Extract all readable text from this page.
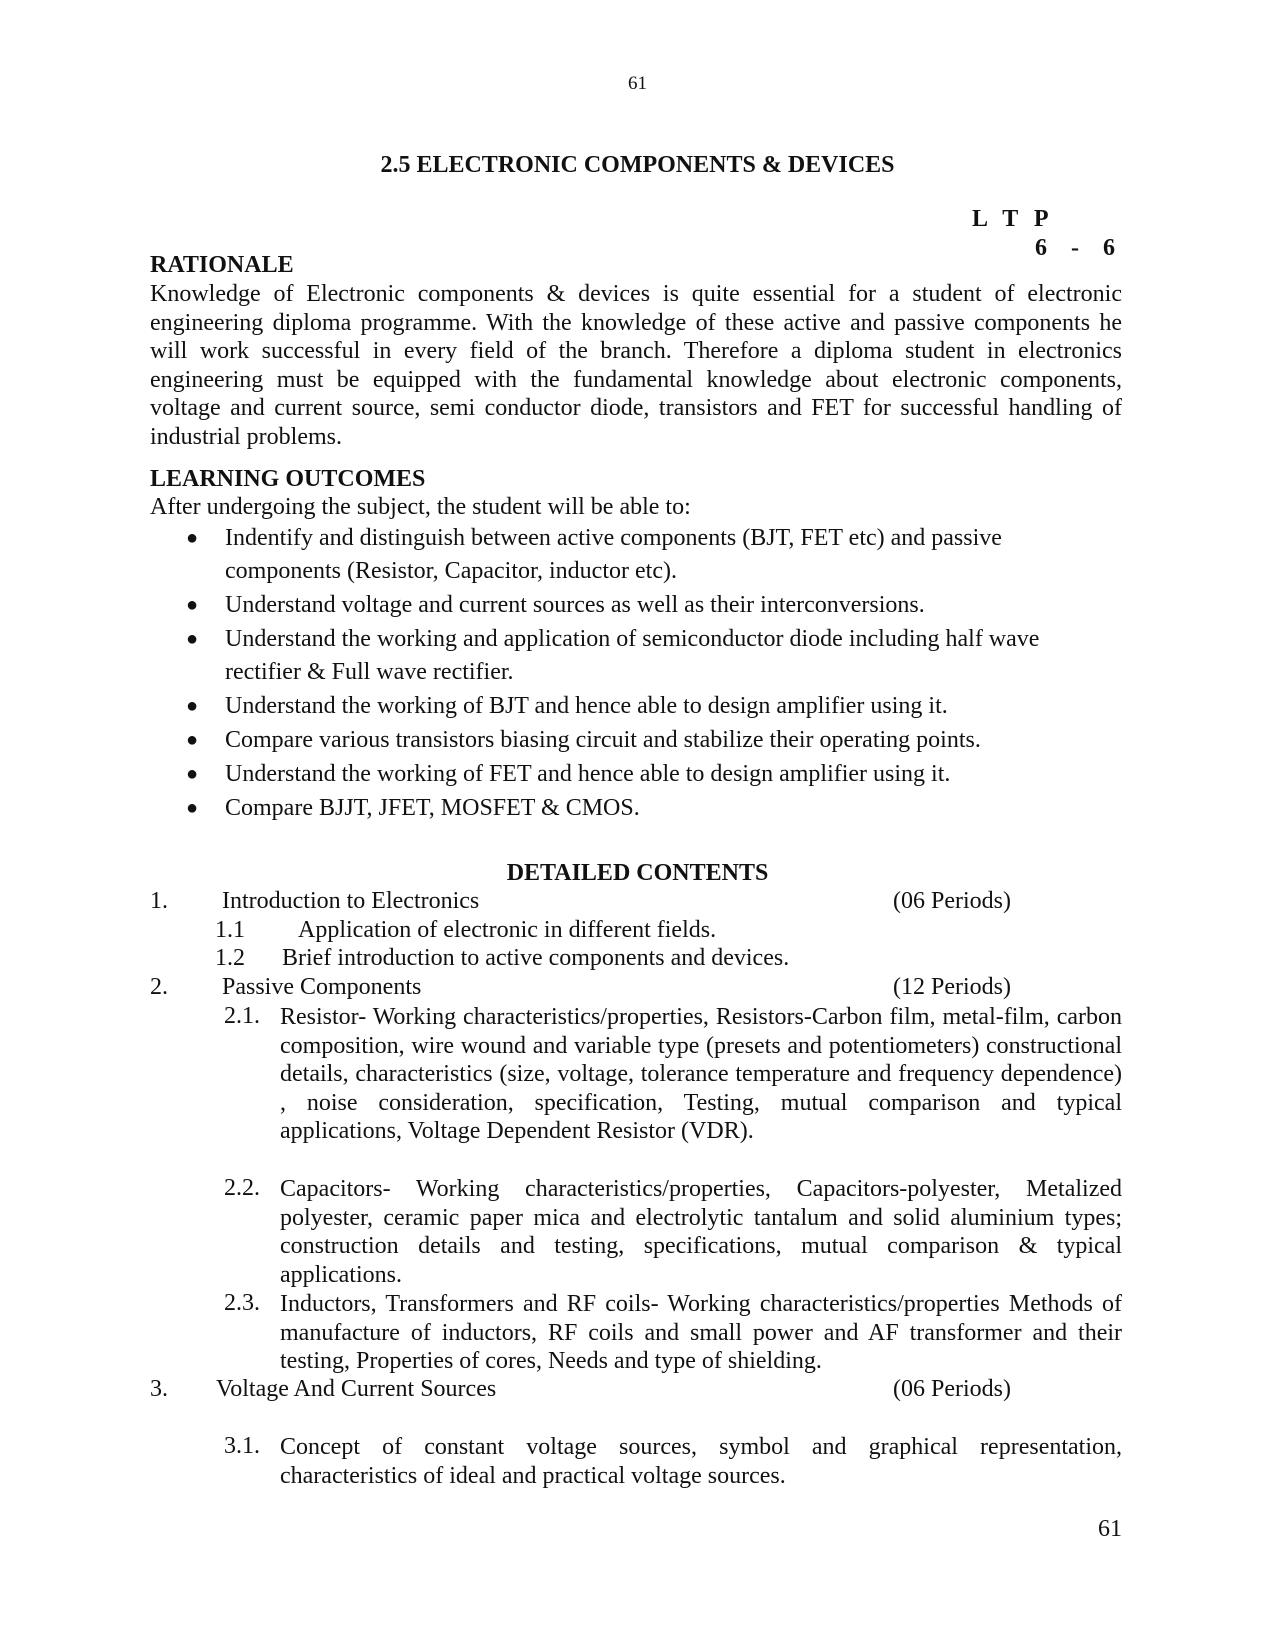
61
2.5 ELECTRONIC COMPONENTS & DEVICES
L T P
6 - 6
RATIONALE
Knowledge of Electronic components & devices is quite essential for a student of electronic engineering diploma programme. With the knowledge of these active and passive components he will work successful in every field of the branch. Therefore a diploma student in electronics engineering must be equipped with the fundamental knowledge about electronic components, voltage and current source, semi conductor diode, transistors and FET for successful handling of industrial problems.
LEARNING OUTCOMES
After undergoing the subject, the student will be able to:
● Indentify and distinguish between active components (BJT, FET etc) and passive components (Resistor, Capacitor, inductor etc).
● Understand voltage and current sources as well as their interconversions.
● Understand the working and application of semiconductor diode including half wave rectifier & Full wave rectifier.
● Understand the working of BJT and hence able to design amplifier using it.
● Compare various transistors biasing circuit and stabilize their operating points.
● Understand the working of FET and hence able to design amplifier using it.
● Compare BJJT, JFET, MOSFET & CMOS.
DETAILED CONTENTS
1. Introduction to Electronics	(06 Periods)
1.1 Application of electronic in different fields.
1.2 Brief introduction to active components and devices.
2. Passive Components	(12 Periods)
2.1. Resistor- Working characteristics/properties, Resistors-Carbon film, metal-film, carbon composition, wire wound and variable type (presets and potentiometers) constructional details, characteristics (size, voltage, tolerance temperature and frequency dependence) , noise consideration, specification, Testing, mutual comparison and typical applications, Voltage Dependent Resistor (VDR).
2.2. Capacitors- Working characteristics/properties, Capacitors-polyester, Metalized polyester, ceramic paper mica and electrolytic tantalum and solid aluminium types; construction details and testing, specifications, mutual comparison & typical applications.
2.3. Inductors, Transformers and RF coils- Working characteristics/properties Methods of manufacture of inductors, RF coils and small power and AF transformer and their testing, Properties of cores, Needs and type of shielding.
3. Voltage And Current Sources	(06 Periods)
3.1. Concept of constant voltage sources, symbol and graphical representation, characteristics of ideal and practical voltage sources.
61
